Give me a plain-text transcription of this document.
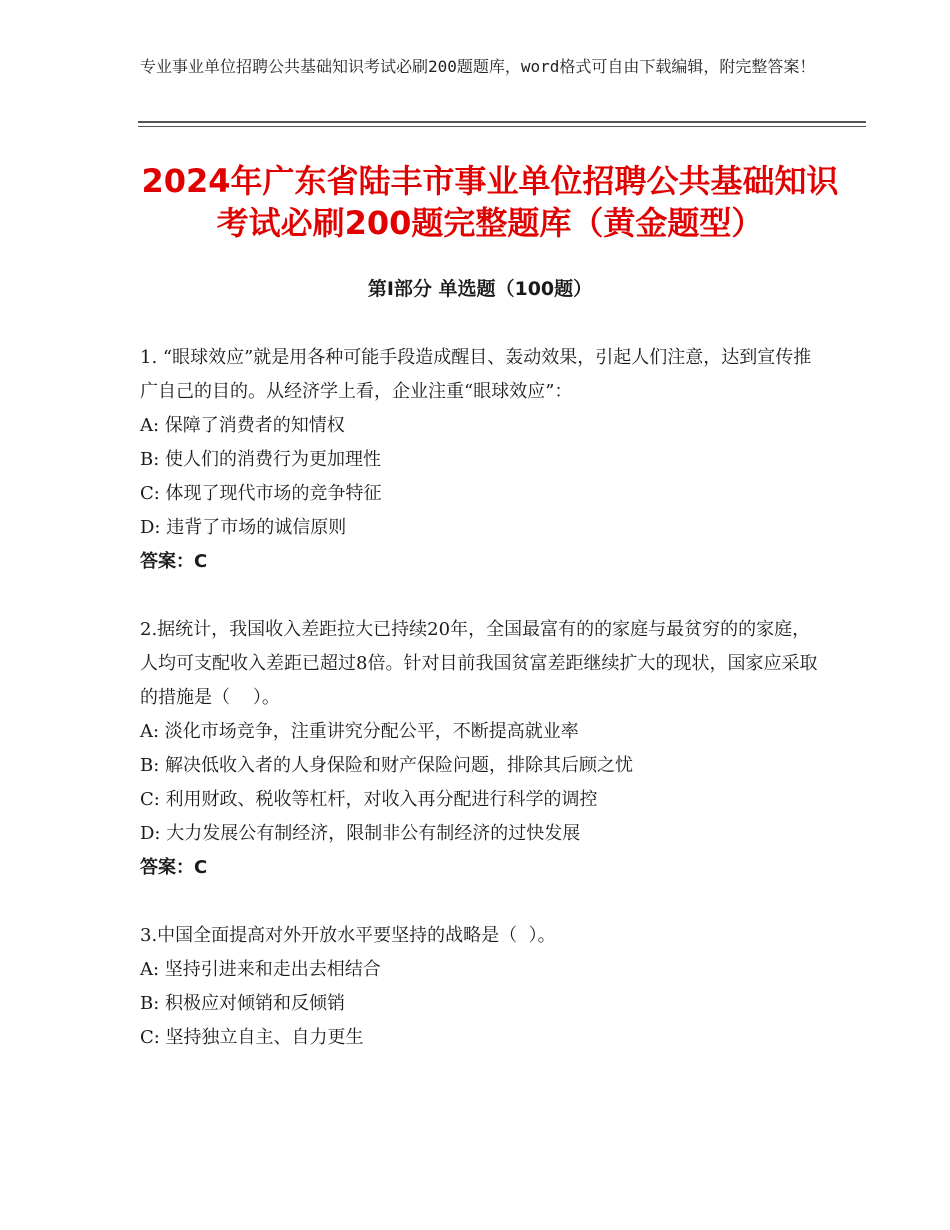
专业事业单位招聘公共基础知识考试必刷200题题库，word格式可自由下载编辑，附完整答案！
2024年广东省陆丰市事业单位招聘公共基础知识考试必刷200题完整题库（黄金题型）
第Ⅰ部分 单选题（100题）
1. “眼球效应”就是用各种可能手段造成醒目、轰动效果，引起人们注意，达到宣传推广自己的目的。从经济学上看，企业注重“眼球效应”：
A: 保障了消费者的知情权
B: 使人们的消费行为更加理性
C: 体现了现代市场的竞争特征
D: 违背了市场的诚信原则
答案：C
2.据统计，我国收入差距拉大已持续20年，全国最富有的的家庭与最贫穷的的家庭，人均可支配收入差距已超过8倍。针对目前我国贫富差距继续扩大的现状，国家应采取的措施是（    ）。
A: 淡化市场竞争，注重讲究分配公平，不断提高就业率
B: 解决低收入者的人身保险和财产保险问题，排除其后顾之忧
C: 利用财政、税收等杠杆，对收入再分配进行科学的调控
D: 大力发展公有制经济，限制非公有制经济的过快发展
答案：C
3.中国全面提高对外开放水平要坚持的战略是（  ）。
A: 坚持引进来和走出去相结合
B: 积极应对倾销和反倾销
C: 坚持独立自主、自力更生
